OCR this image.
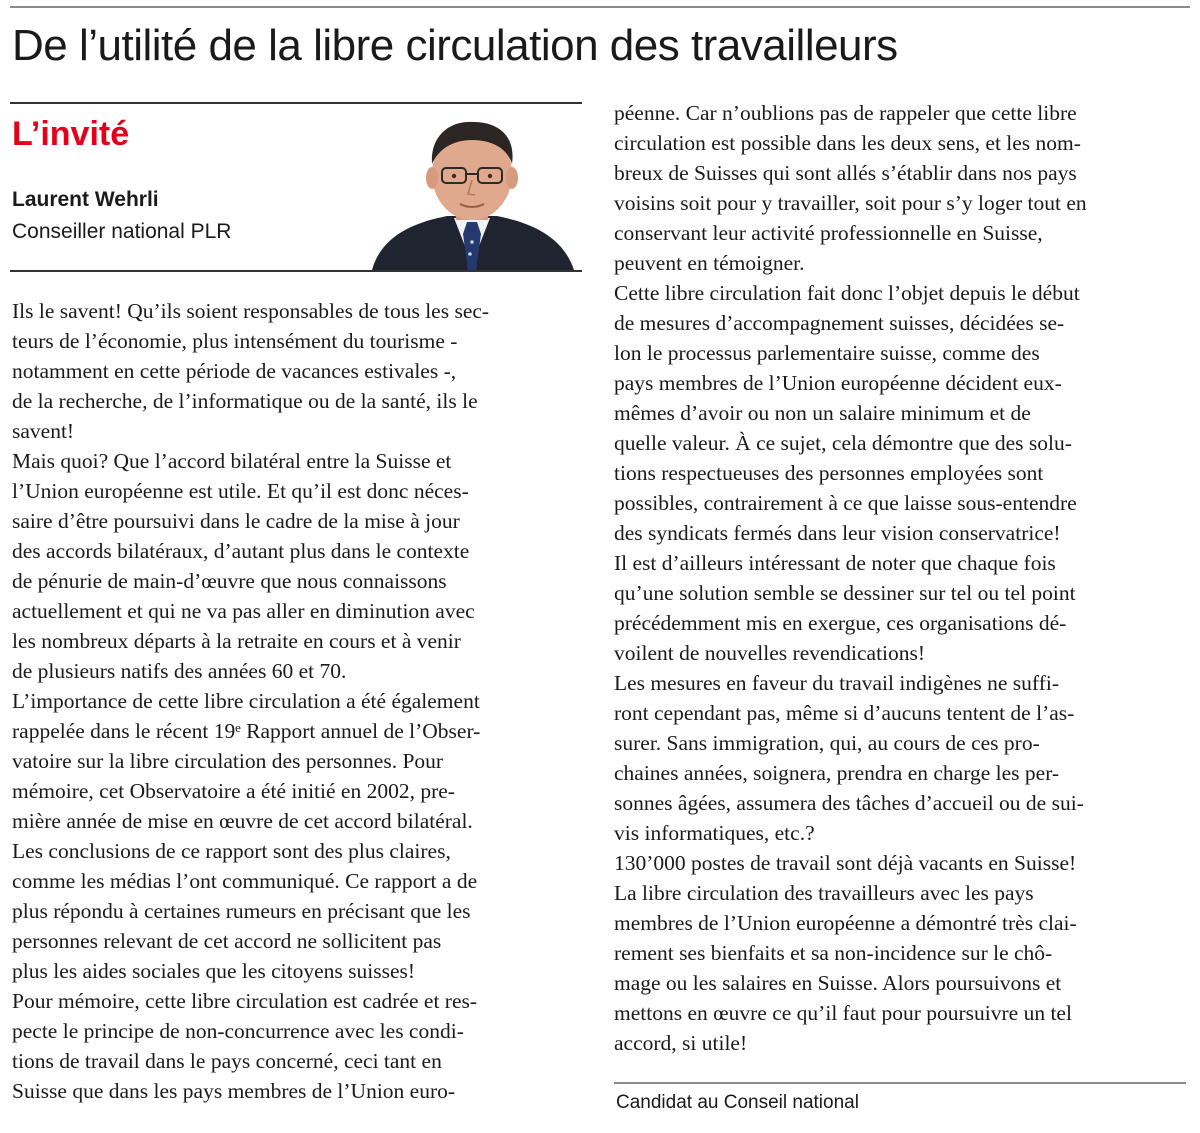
De l’utilité de la libre circulation des travailleurs
L’invité
Laurent Wehrli
Conseiller national PLR
Ils le savent! Qu’ils soient responsables de tous les sec-
teurs de l’économie, plus intensément du tourisme -
notamment en cette période de vacances estivales -,
de la recherche, de l’informatique ou de la santé, ils le
savent!
Mais quoi? Que l’accord bilatéral entre la Suisse et
l’Union européenne est utile. Et qu’il est donc néces-
saire d’être poursuivi dans le cadre de la mise à jour
des accords bilatéraux, d’autant plus dans le contexte
de pénurie de main-d’œuvre que nous connaissons
actuellement et qui ne va pas aller en diminution avec
les nombreux départs à la retraite en cours et à venir
de plusieurs natifs des années 60 et 70.
L’importance de cette libre circulation a été également
rappelée dans le récent 19ᵉ Rapport annuel de l’Obser-
vatoire sur la libre circulation des personnes. Pour
mémoire, cet Observatoire a été initié en 2002, pre-
mière année de mise en œuvre de cet accord bilatéral.
Les conclusions de ce rapport sont des plus claires,
comme les médias l’ont communiqué. Ce rapport a de
plus répondu à certaines rumeurs en précisant que les
personnes relevant de cet accord ne sollicitent pas
plus les aides sociales que les citoyens suisses!
Pour mémoire, cette libre circulation est cadrée et res-
pecte le principe de non-concurrence avec les condi-
tions de travail dans le pays concerné, ceci tant en
Suisse que dans les pays membres de l’Union euro-
péenne. Car n’oublions pas de rappeler que cette libre
circulation est possible dans les deux sens, et les nom-
breux de Suisses qui sont allés s’établir dans nos pays
voisins soit pour y travailler, soit pour s’y loger tout en
conservant leur activité professionnelle en Suisse,
peuvent en témoigner.
Cette libre circulation fait donc l’objet depuis le début
de mesures d’accompagnement suisses, décidées se-
lon le processus parlementaire suisse, comme des
pays membres de l’Union européenne décident eux-
mêmes d’avoir ou non un salaire minimum et de
quelle valeur. À ce sujet, cela démontre que des solu-
tions respectueuses des personnes employées sont
possibles, contrairement à ce que laisse sous-entendre
des syndicats fermés dans leur vision conservatrice!
Il est d’ailleurs intéressant de noter que chaque fois
qu’une solution semble se dessiner sur tel ou tel point
précédemment mis en exergue, ces organisations dé-
voilent de nouvelles revendications!
Les mesures en faveur du travail indigènes ne suffi-
ront cependant pas, même si d’aucuns tentent de l’as-
surer. Sans immigration, qui, au cours de ces pro-
chaines années, soignera, prendra en charge les per-
sonnes âgées, assumera des tâches d’accueil ou de sui-
vis informatiques, etc.?
130’000 postes de travail sont déjà vacants en Suisse!
La libre circulation des travailleurs avec les pays
membres de l’Union européenne a démontré très clai-
rement ses bienfaits et sa non-incidence sur le chô-
mage ou les salaires en Suisse. Alors poursuivons et
mettons en œuvre ce qu’il faut pour poursuivre un tel
accord, si utile!
Candidat au Conseil national
